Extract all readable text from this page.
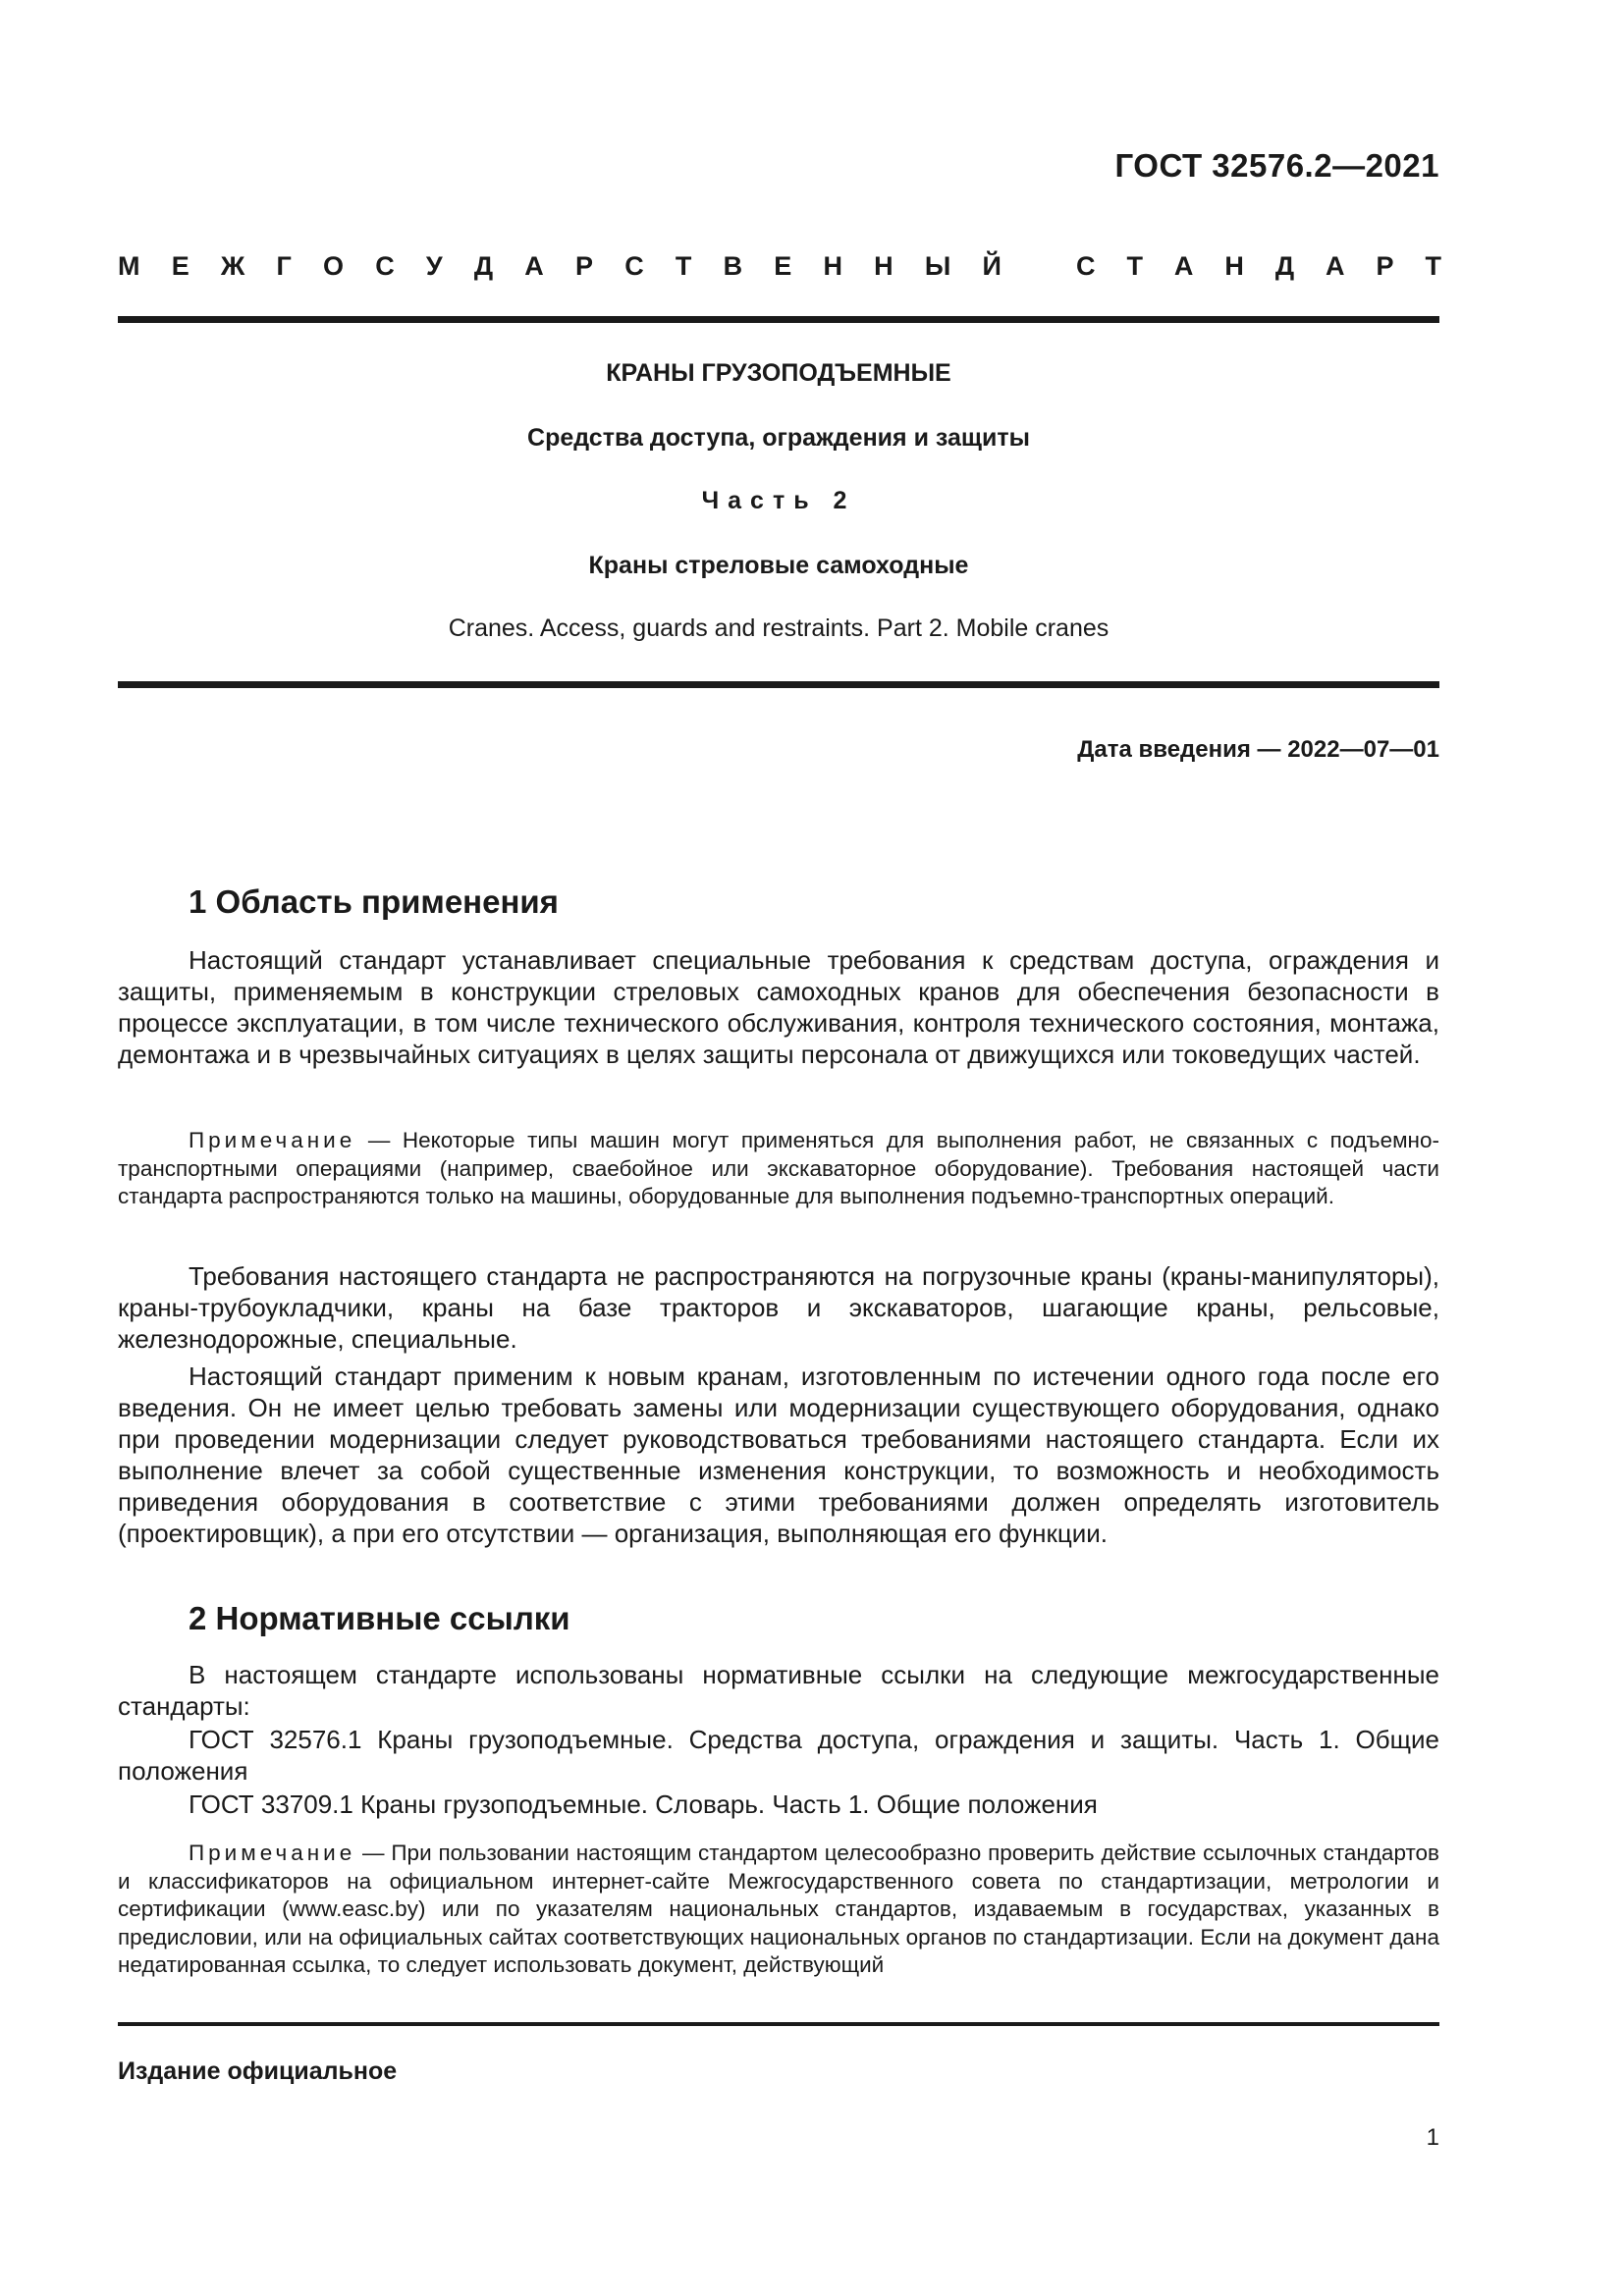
ГОСТ 32576.2—2021
М Е Ж Г О С У Д А Р С Т В Е Н Н Ы Й	С Т А Н Д А Р Т
КРАНЫ ГРУЗОПОДЪЕМНЫЕ
Средства доступа, ограждения и защиты
Часть 2
Краны стреловые самоходные
Cranes. Access, guards and restraints. Part 2. Mobile cranes
Дата введения — 2022—07—01
1 Область применения

Настоящий стандарт устанавливает специальные требования к средствам доступа, ограждения и защиты, применяемым в конструкции стреловых самоходных кранов для обеспечения безопасности в процессе эксплуатации, в том числе технического обслуживания, контроля технического состояния, монтажа, демонтажа и в чрезвычайных ситуациях в целях защиты персонала от движущихся или токоведущих частей.

Примечание — Некоторые типы машин могут применяться для выполнения работ, не связанных с подъемно-транспортными операциями (например, сваебойное или экскаваторное оборудование). Требования настоящей части стандарта распространяются только на машины, оборудованные для выполнения подъемно-транспортных операций.

Требования настоящего стандарта не распространяются на погрузочные краны (краны-манипуляторы), краны-трубоукладчики, краны на базе тракторов и экскаваторов, шагающие краны, рельсовые, железнодорожные, специальные.

Настоящий стандарт применим к новым кранам, изготовленным по истечении одного года после его введения. Он не имеет целью требовать замены или модернизации существующего оборудования, однако при проведении модернизации следует руководствоваться требованиями настоящего стандарта. Если их выполнение влечет за собой существенные изменения конструкции, то возможность и необходимость приведения оборудования в соответствие с этими требованиями должен определять изготовитель (проектировщик), а при его отсутствии — организация, выполняющая его функции.

2 Нормативные ссылки

В настоящем стандарте использованы нормативные ссылки на следующие межгосударственные стандарты:

ГОСТ 32576.1 Краны грузоподъемные. Средства доступа, ограждения и защиты. Часть 1. Общие положения

ГОСТ 33709.1 Краны грузоподъемные. Словарь. Часть 1. Общие положения

Примечание — При пользовании настоящим стандартом целесообразно проверить действие ссылочных стандартов и классификаторов на официальном интернет-сайте Межгосударственного совета по стандартизации, метрологии и сертификации (www.easc.by) или по указателям национальных стандартов, издаваемым в государствах, указанных в предисловии, или на официальных сайтах соответствующих национальных органов по стандартизации. Если на документ дана недатированная ссылка, то следует использовать документ, действующий

Издание официальное
1
